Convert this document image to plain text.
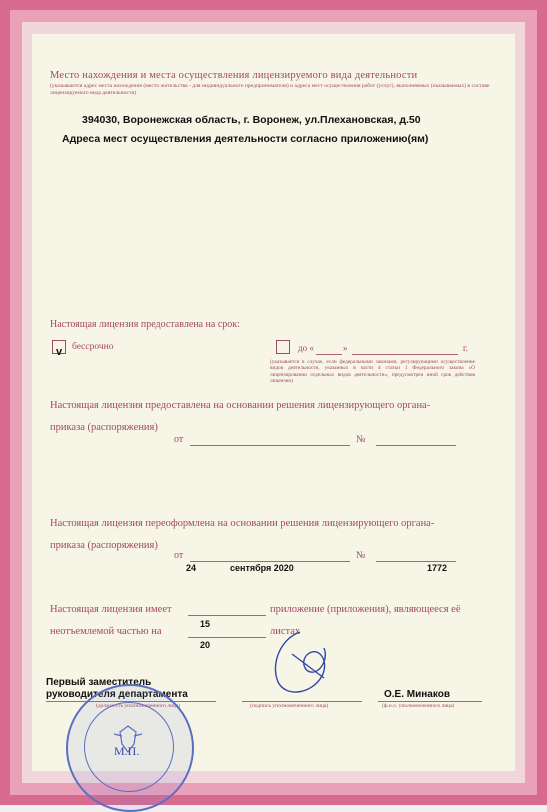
Место нахождения и места осуществления лицензируемого вида деятельности
(указываются адрес места нахождения (место жительства - для индивидуального предпринимателя) и адреса мест осуществления работ (услуг), выполняемых (оказываемых) в составе лицензируемого вида деятельности)
394030, Воронежская область, г. Воронеж, ул.Плехановская, д.50
Адреса мест осуществления деятельности согласно приложению(ям)
Настоящая лицензия предоставлена на срок:
v бессрочно	до «	»	г.
(указывается в случае, если федеральными законами, регулирующими осуществление видов деятельности, указанных в части 4 статьи 1 Федерального закона «О лицензировании отдельных видов деятельности», предусмотрен иной срок действия лицензии)
Настоящая лицензия предоставлена на основании решения лицензирующего органа-
приказа (распоряжения)
от	№
Настоящая лицензия переоформлена на основании решения лицензирующего органа-
приказа (распоряжения)
от	№
24	сентября 2020	1772
Настоящая лицензия имеет	приложение (приложения), являющееся её
15
неотъемлемой частью на	листах
20
Первый заместитель
руководителя департамента
(должность уполномоченного лица)	(подпись уполномоченного лица)
О.Е. Минаков
(ф.и.о. уполномоченного лица)
М.П.
